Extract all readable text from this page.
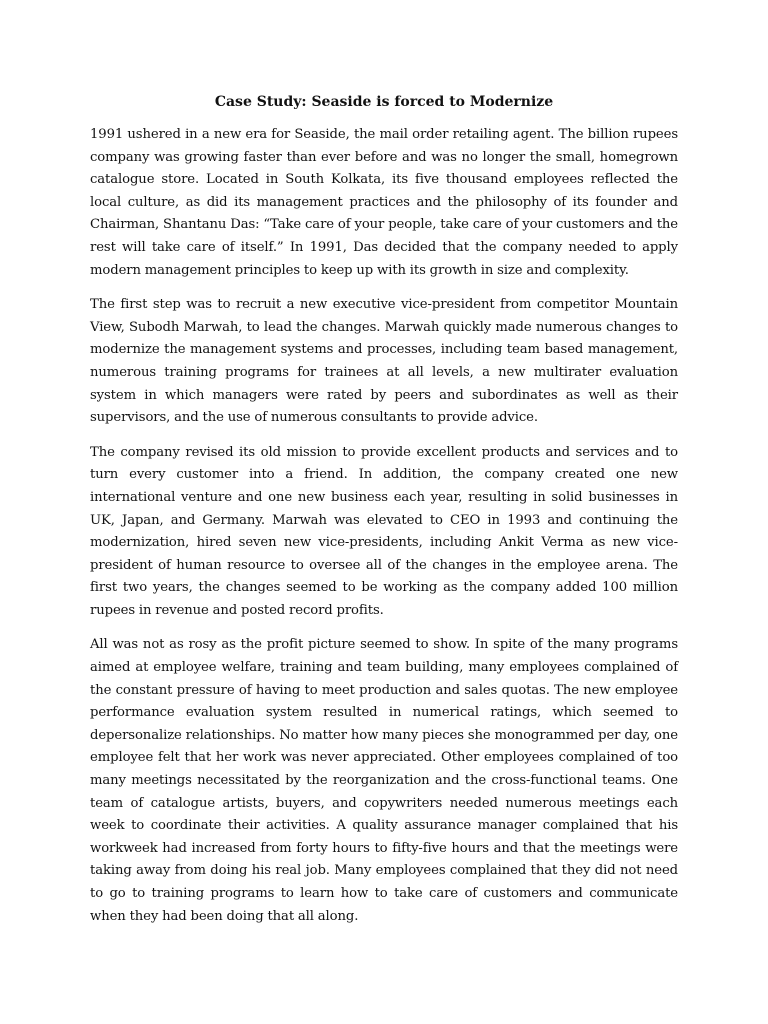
Case Study: Seaside is forced to Modernize

1991 ushered in a new era for Seaside, the mail order retailing agent. The billion rupees company was growing faster than ever before and was no longer the small, homegrown catalogue store. Located in South Kolkata, its five thousand employees reflected the local culture, as did its management practices and the philosophy of its founder and Chairman, Shantanu Das: “Take care of your people, take care of your customers and the rest will take care of itself.” In 1991, Das decided that the company needed to apply modern management principles to keep up with its growth in size and complexity.

The first step was to recruit a new executive vice-president from competitor Mountain View, Subodh Marwah, to lead the changes. Marwah quickly made numerous changes to modernize the management systems and processes, including team based management, numerous training programs for trainees at all levels, a new multirater evaluation system in which managers were rated by peers and subordinates as well as their supervisors, and the use of numerous consultants to provide advice.

The company revised its old mission to provide excellent products and services and to turn every customer into a friend. In addition, the company created one new international venture and one new business each year, resulting in solid businesses in UK, Japan, and Germany. Marwah was elevated to CEO in 1993 and continuing the modernization, hired seven new vice-presidents, including Ankit Verma as new vice-president of human resource to oversee all of the changes in the employee arena. The first two years, the changes seemed to be working as the company added 100 million rupees in revenue and posted record profits.

All was not as rosy as the profit picture seemed to show. In spite of the many programs aimed at employee welfare, training and team building, many employees complained of the constant pressure of having to meet production and sales quotas. The new employee performance evaluation system resulted in numerical ratings, which seemed to depersonalize relationships. No matter how many pieces she monogrammed per day, one employee felt that her work was never appreciated. Other employees complained of too many meetings necessitated by the reorganization and the cross-functional teams. One team of catalogue artists, buyers, and copywriters needed numerous meetings each week to coordinate their activities. A quality assurance manager complained that his workweek had increased from forty hours to fifty-five hours and that the meetings were taking away from doing his real job. Many employees complained that they did not need to go to training programs to learn how to take care of customers and communicate when they had been doing that all along.
